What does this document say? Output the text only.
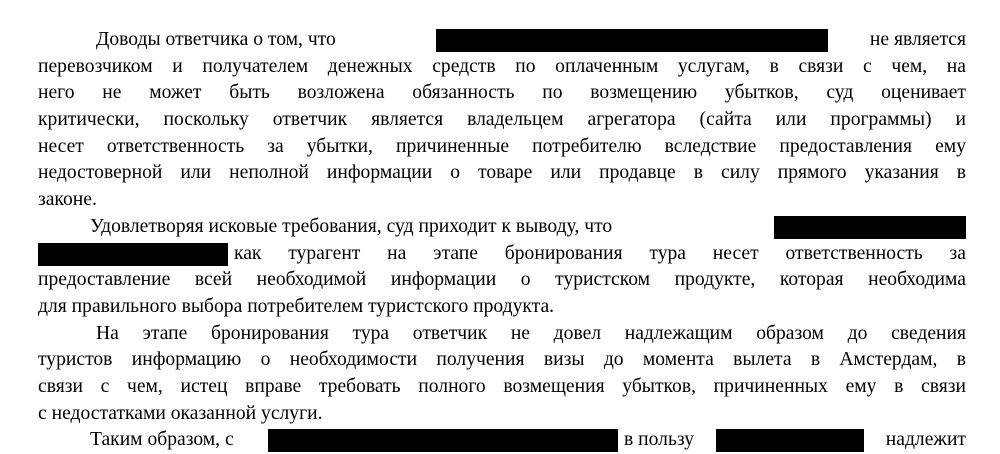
Доводы ответчика о том, что	не является
перевозчиком и получателем денежных средств по оплаченным услугам, в связи с чем, на
него не может быть возложена обязанность по возмещению убытков, суд оценивает
критически, поскольку ответчик является владельцем агрегатора (сайта или программы) и
несет ответственность за убытки, причиненные потребителю вследствие предоставления ему
недостоверной или неполной информации о товаре или продавце в силу прямого указания в
законе.
Удовлетворяя исковые требования, суд приходит к выводу, что
как турагент на этапе бронирования тура несет ответственность за
предоставление всей необходимой информации о туристском продукте, которая необходима
для правильного выбора потребителем туристского продукта.
На этапе бронирования тура ответчик не довел надлежащим образом до сведения
туристов информацию о необходимости получения визы до момента вылета в Амстердам, в
связи с чем, истец вправе требовать полного возмещения убытков, причиненных ему в связи
с недостатками оказанной услуги.
Таким образом, с	в пользу	надлежит
